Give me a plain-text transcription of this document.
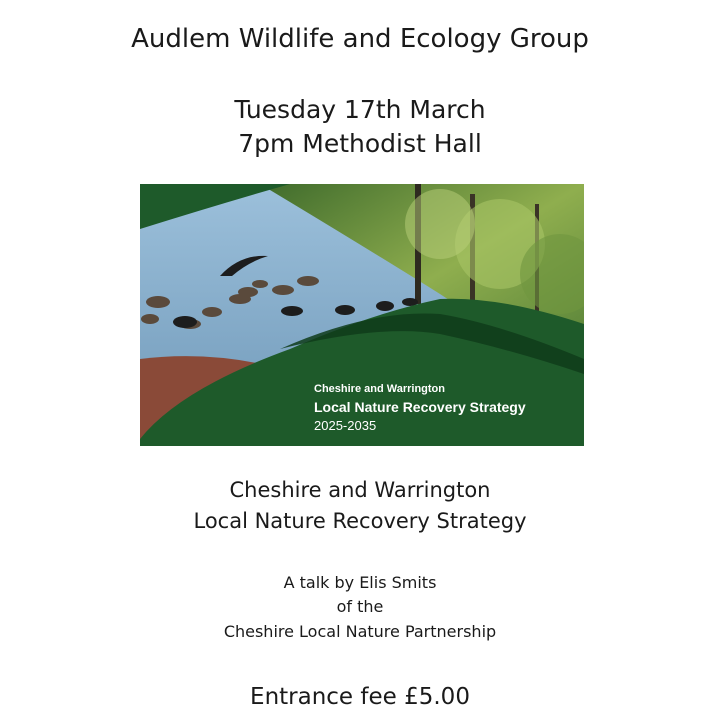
Audlem Wildlife and Ecology Group
Tuesday 17th March
7pm Methodist Hall
Cheshire and Warrington
Local Nature Recovery Strategy
2025-2035
Cheshire and Warrington
Local Nature Recovery Strategy
A talk by Elis Smits
of the
Cheshire Local Nature Partnership
Entrance fee £5.00
